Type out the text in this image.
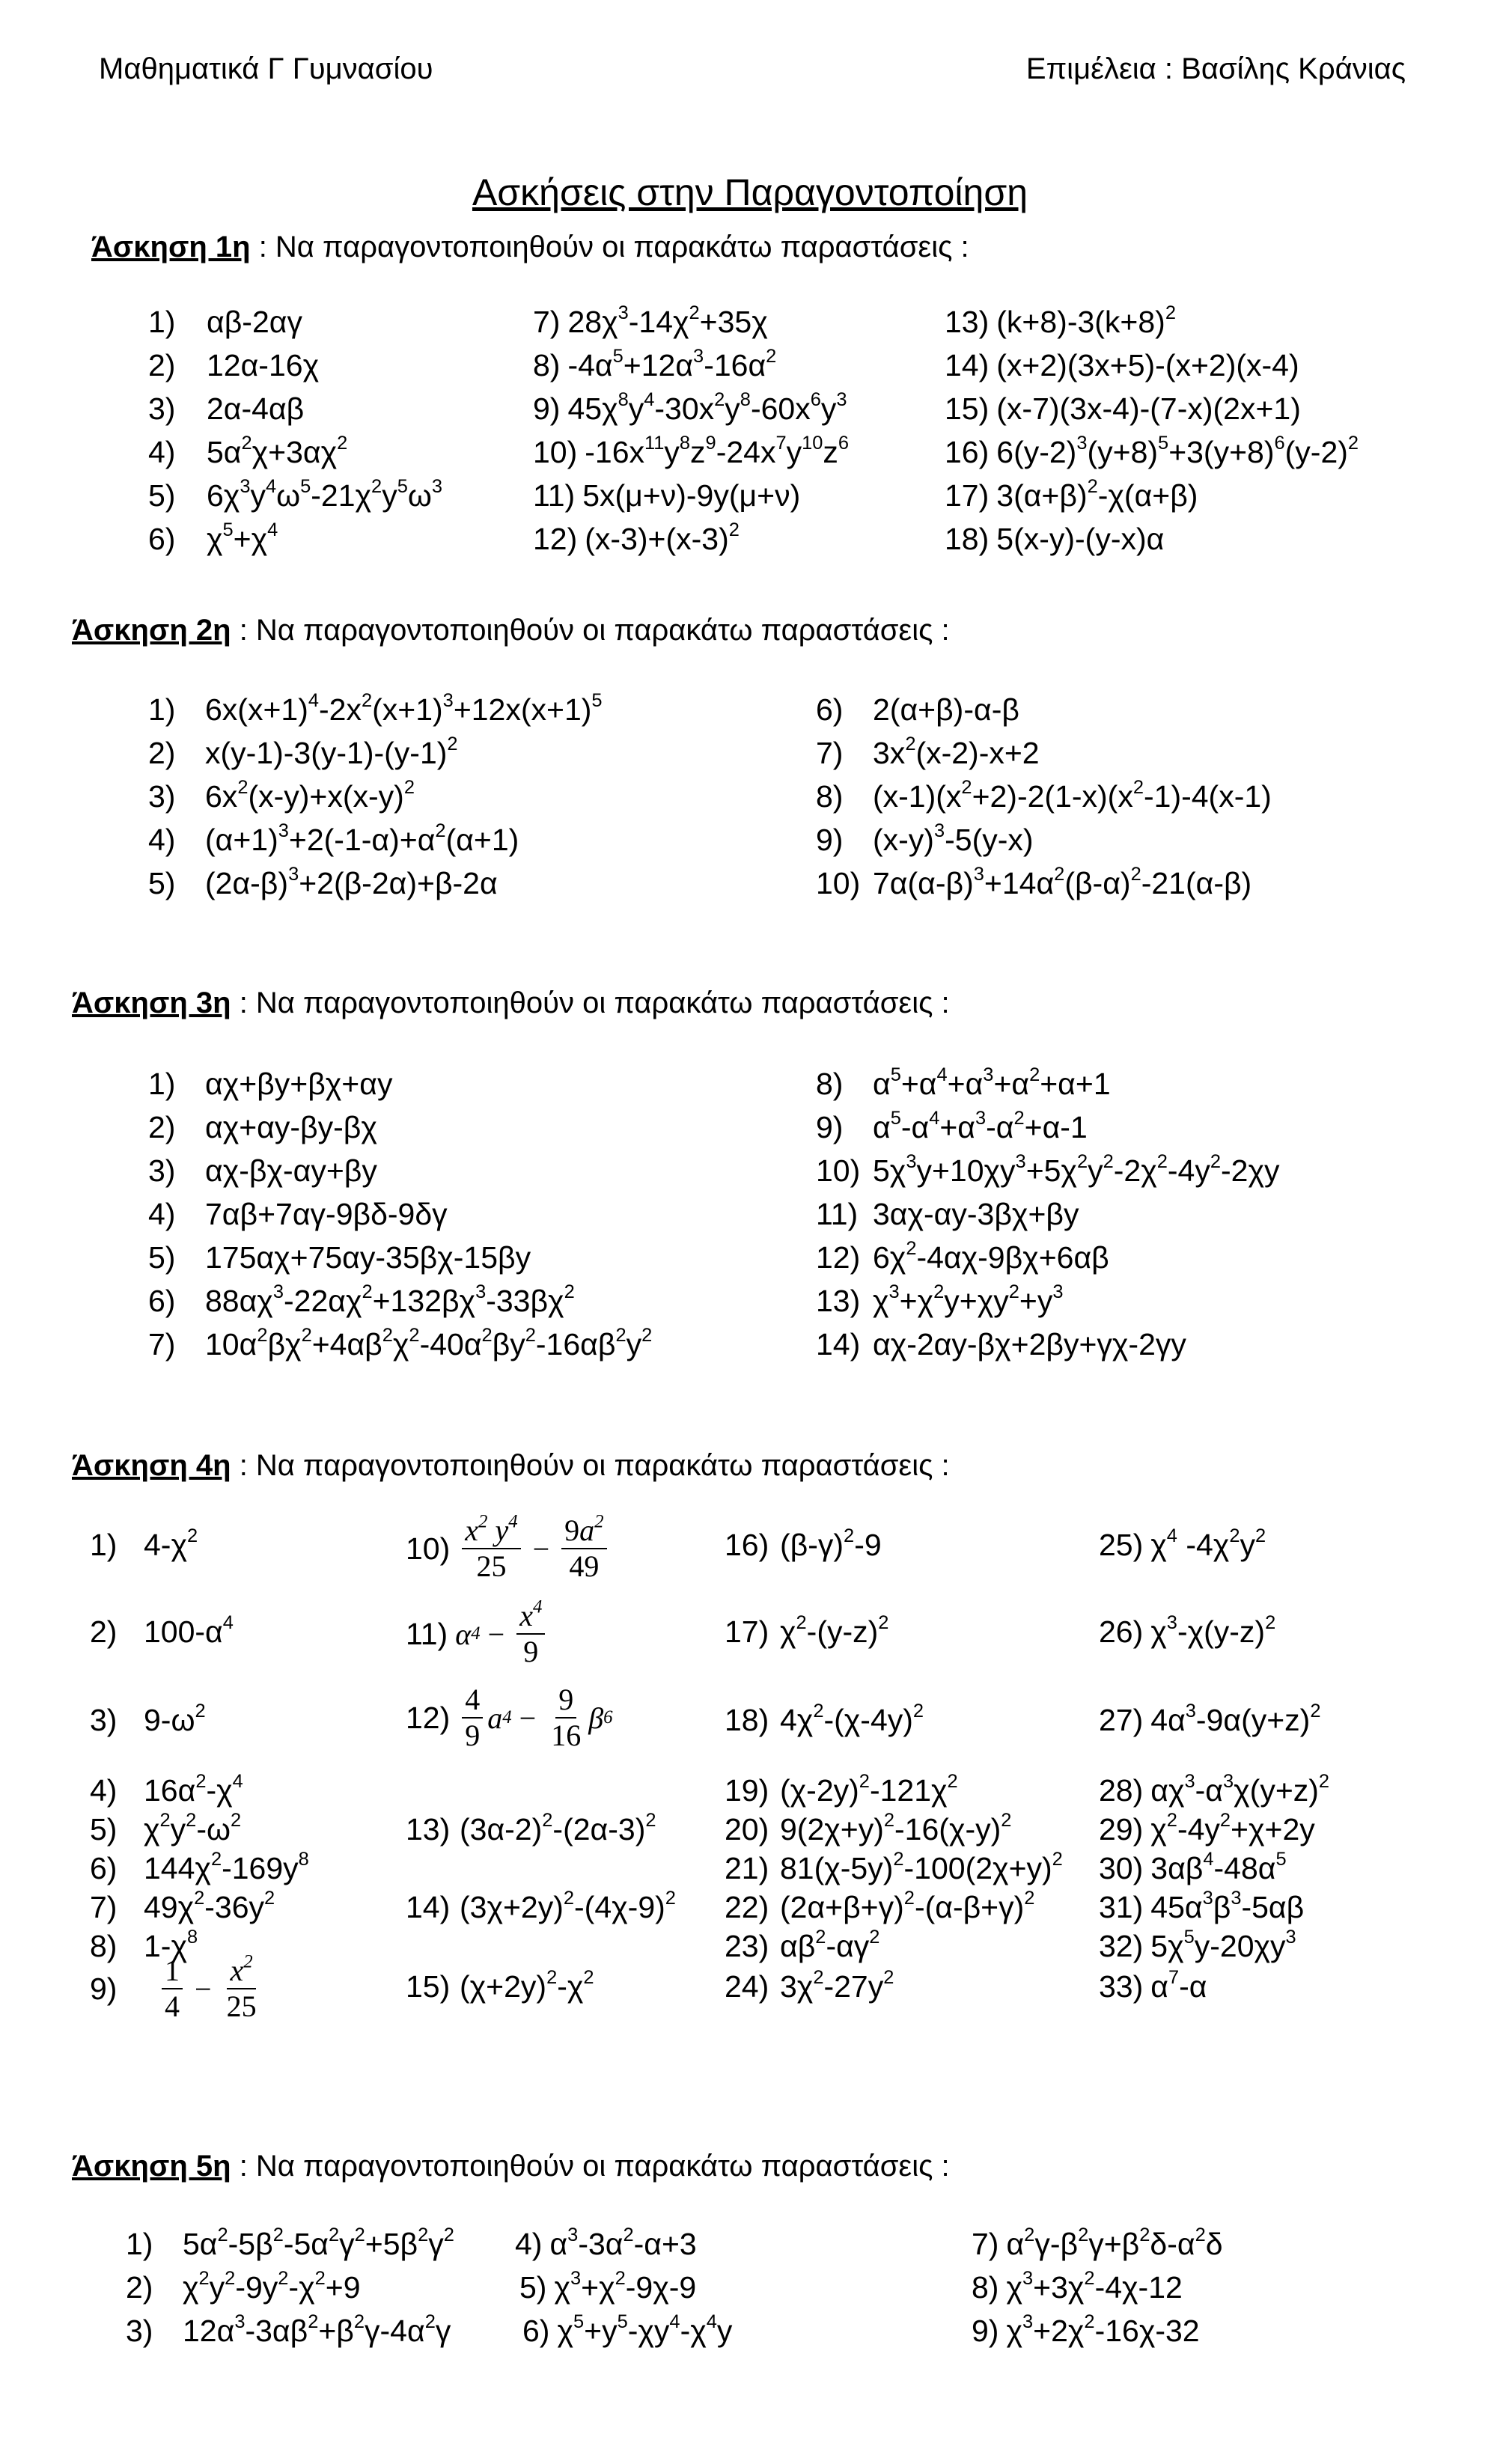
Μαθηματικά Γ Γυμνασίου	Επιμέλεια : Βασίλης Κράνιας
Ασκήσεις στην Παραγοντοποίηση
Άσκηση 1η : Να παραγοντοποιηθούν οι παρακάτω παραστάσεις :
Άσκηση 2η : Να παραγοντοποιηθούν οι παρακάτω παραστάσεις :
Άσκηση 3η : Να παραγοντοποιηθούν οι παρακάτω παραστάσεις :
Άσκηση 4η : Να παραγοντοποιηθούν οι παρακάτω παραστάσεις :
Άσκηση 5η : Να παραγοντοποιηθούν οι παρακάτω παραστάσεις :
1) αβ-2αγ
2) 12α-16χ
3) 2α-4αβ
4) $5\alpha^2\chi+3\alpha\chi^2$
5) $6\chi^3y^4\omega^5-21\chi^2y^5\omega^3$
6) $\chi^5+\chi^4$
7) $28\chi^3-14\chi^2+35\chi$
8) $-4\alpha^5+12\alpha^3-16\alpha^2$
9) $45\chi^8y^4-30x^2y^8-60x^6y^3$
10) $-16x^{11}y^8z^9-24x^7y^{10}z^6$
11) 5x(μ+ν)-9y(μ+ν)
12) $(x-3)+(x-3)^2$
13) $(k+8)-3(k+8)^2$
14) (x+2)(3x+5)-(x+2)(x-4)
15) (x-7)(3x-4)-(7-x)(2x+1)
16) $6(y-2)^3(y+8)^5+3(y+8)^6(y-2)^2$
17) $3(\alpha+\beta)^2-\chi(\alpha+\beta)$
18) 5(x-y)-(y-x)α
1) $6x(x+1)^4-2x^2(x+1)^3+12x(x+1)^5$
2) $x(y-1)-3(y-1)-(y-1)^2$
3) $6x^2(x-y)+x(x-y)^2$
4) $(\alpha+1)^3+2(-1-\alpha)+\alpha^2(\alpha+1)$
5) $(2\alpha-\beta)^3+2(\beta-2\alpha)+\beta-2\alpha$
6) 2(α+β)-α-β
7) $3x^2(x-2)-x+2$
8) $(x-1)(x^2+2)-2(1-x)(x^2-1)-4(x-1)$
9) $(x-y)^3-5(y-x)$
10) $7\alpha(\alpha-\beta)^3+14\alpha^2(\beta-\alpha)^2-21(\alpha-\beta)$
1) αχ+βy+βχ+αy
2) αχ+αy-βy-βχ
3) αχ-βχ-αy+βy
4) 7αβ+7αγ-9βδ-9δγ
5) 175αχ+75αy-35βχ-15βy
6) $88\alpha\chi^3-22\alpha\chi^2+132\beta\chi^3-33\beta\chi^2$
7) $10\alpha^2\beta\chi^2+4\alpha\beta^2\chi^2-40\alpha^2\beta y^2-16\alpha\beta^2y^2$
8) $\alpha^5+\alpha^4+\alpha^3+\alpha^2+\alpha+1$
9) $\alpha^5-\alpha^4+\alpha^3-\alpha^2+\alpha-1$
10) $5\chi^3y+10\chi y^3+5\chi^2y^2-2\chi^2-4y^2-2\chi y$
11) 3αχ-αy-3βχ+βy
12) $6\chi^2-4\alpha\chi-9\beta\chi+6\alpha\beta$
13) $\chi^3+\chi^2y+\chi y^2+y^3$
14) αχ-2αy-βχ+2βy+γχ-2γy
1) $4-\chi^2$
2) $100-\alpha^4$
3) $9-\omega^2$
4) $16\alpha^2-\chi^4$
5) $\chi^2y^2-\omega^2$
6) $144\chi^2-169y^8$
7) $49\chi^2-36y^2$
8) $1-\chi^8$
9)
1
4
− $\frac{x^2}{25}$
10)
$x^2$ $y^4$
25
− $\frac{9a^2}{49}$
11) α $4 - \frac{x^4}{9}$
12)
4
9
a $4 - \frac{9}{16}$ β 6
13) $(3\alpha-2)^2-(2\alpha-3)^2$
14) $(3\chi+2y)^2-(4\chi-9)^2$
15) $(\chi+2y)^2-\chi^2$
16) $(\beta-\gamma)^2-9$
17) $\chi^2-(y-z)^2$
18) $4\chi^2-(\chi-4y)^2$
19) $(\chi-2y)^2-121\chi^2$
20) $9(2\chi+y)^2-16(\chi-y)^2$
21) $81(\chi-5y)^2-100(2\chi+y)^2$
22) $(2\alpha+\beta+\gamma)^2-(\alpha-\beta+\gamma)^2$
23) $\alpha\beta^2-\alpha\gamma^2$
24) $3\chi^2-27y^2$
25) $\chi^4$ $-4\chi^2y^2$
26) $\chi^3-\chi(y-z)^2$
27) $4\alpha^3-9\alpha(y+z)^2$
28) $\alpha\chi^3-\alpha^3\chi(y+z)^2$
29) $\chi^2-4y^2+\chi+2y$
30) $3\alpha\beta^4-48\alpha^5$
31) $45\alpha^3\beta^3-5\alpha\beta$
32) $5\chi^5y-20\chi y^3$
33) $\alpha^7-\alpha$
1) $5\alpha^2-5\beta^2-5\alpha^2\gamma^2+5\beta^2\gamma^2$
2) $\chi^2y^2-9y^2-\chi^2+9$
3) $12\alpha^3-3\alpha\beta^2+\beta^2\gamma-4\alpha^2\gamma$
4) $\alpha^3-3\alpha^2-\alpha+3$
5) $\chi^3+\chi^2-9\chi-9$
6) $\chi^5+y^5-\chi y^4-\chi^4y$
7) $\alpha^2\gamma-\beta^2\gamma+\beta^2\delta-\alpha^2\delta$
8) $\chi^3+3\chi^2-4\chi-12$
9) $\chi^3+2\chi^2-16\chi-32$
